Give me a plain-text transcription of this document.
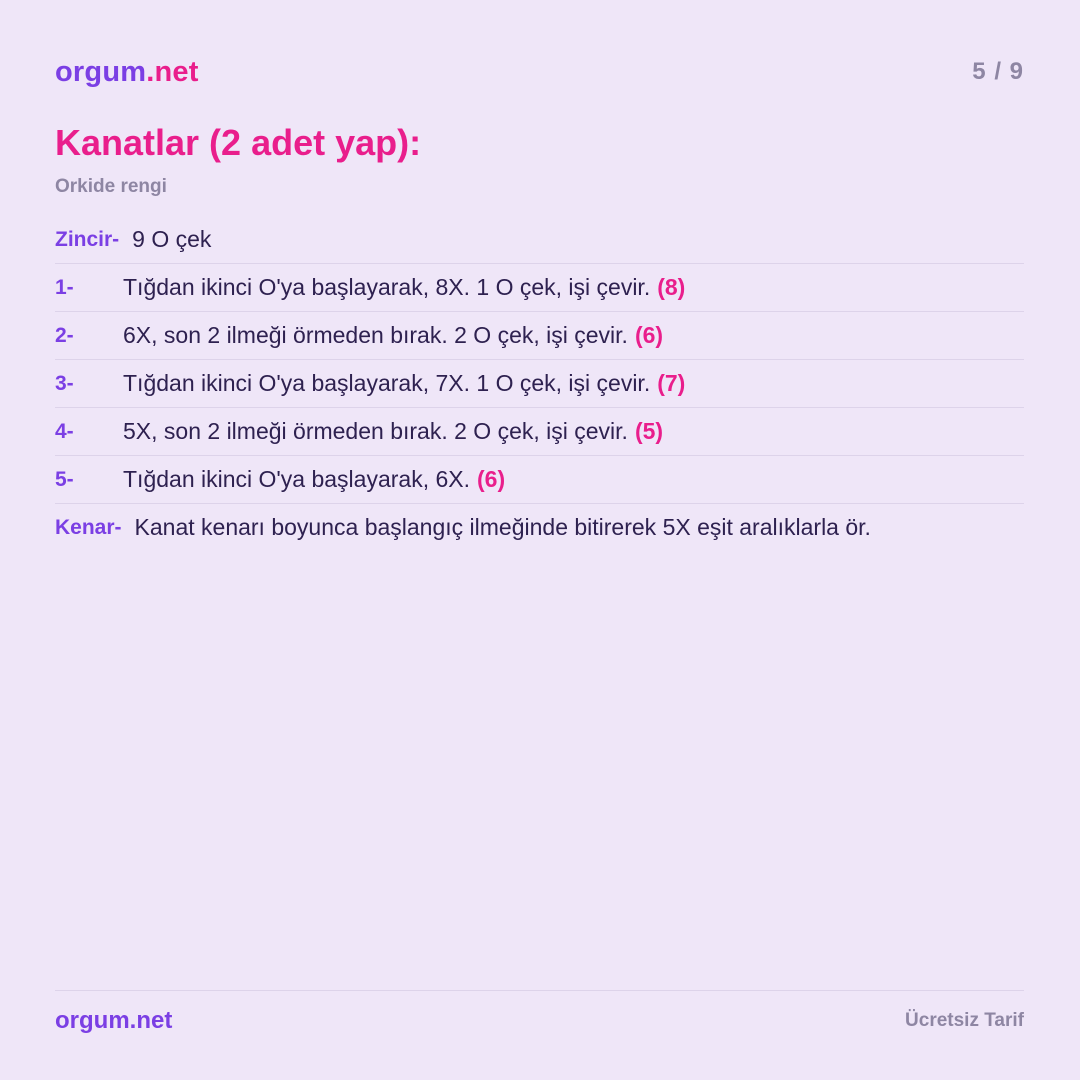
orgum.net	5 / 9
Kanatlar (2 adet yap):
Orkide rengi
Zincir- 9 O çek
1-	Tığdan ikinci O'ya başlayarak, 8X. 1 O çek, işi çevir. (8)
2-	6X, son 2 ilmeği örmeden bırak. 2 O çek, işi çevir. (6)
3-	Tığdan ikinci O'ya başlayarak, 7X. 1 O çek, işi çevir. (7)
4-	5X, son 2 ilmeği örmeden bırak. 2 O çek, işi çevir. (5)
5-	Tığdan ikinci O'ya başlayarak, 6X. (6)
Kenar- Kanat kenarı boyunca başlangıç ilmeğinde bitirerek 5X eşit aralıklarla ör.
orgum.net	Ücretsiz Tarif
